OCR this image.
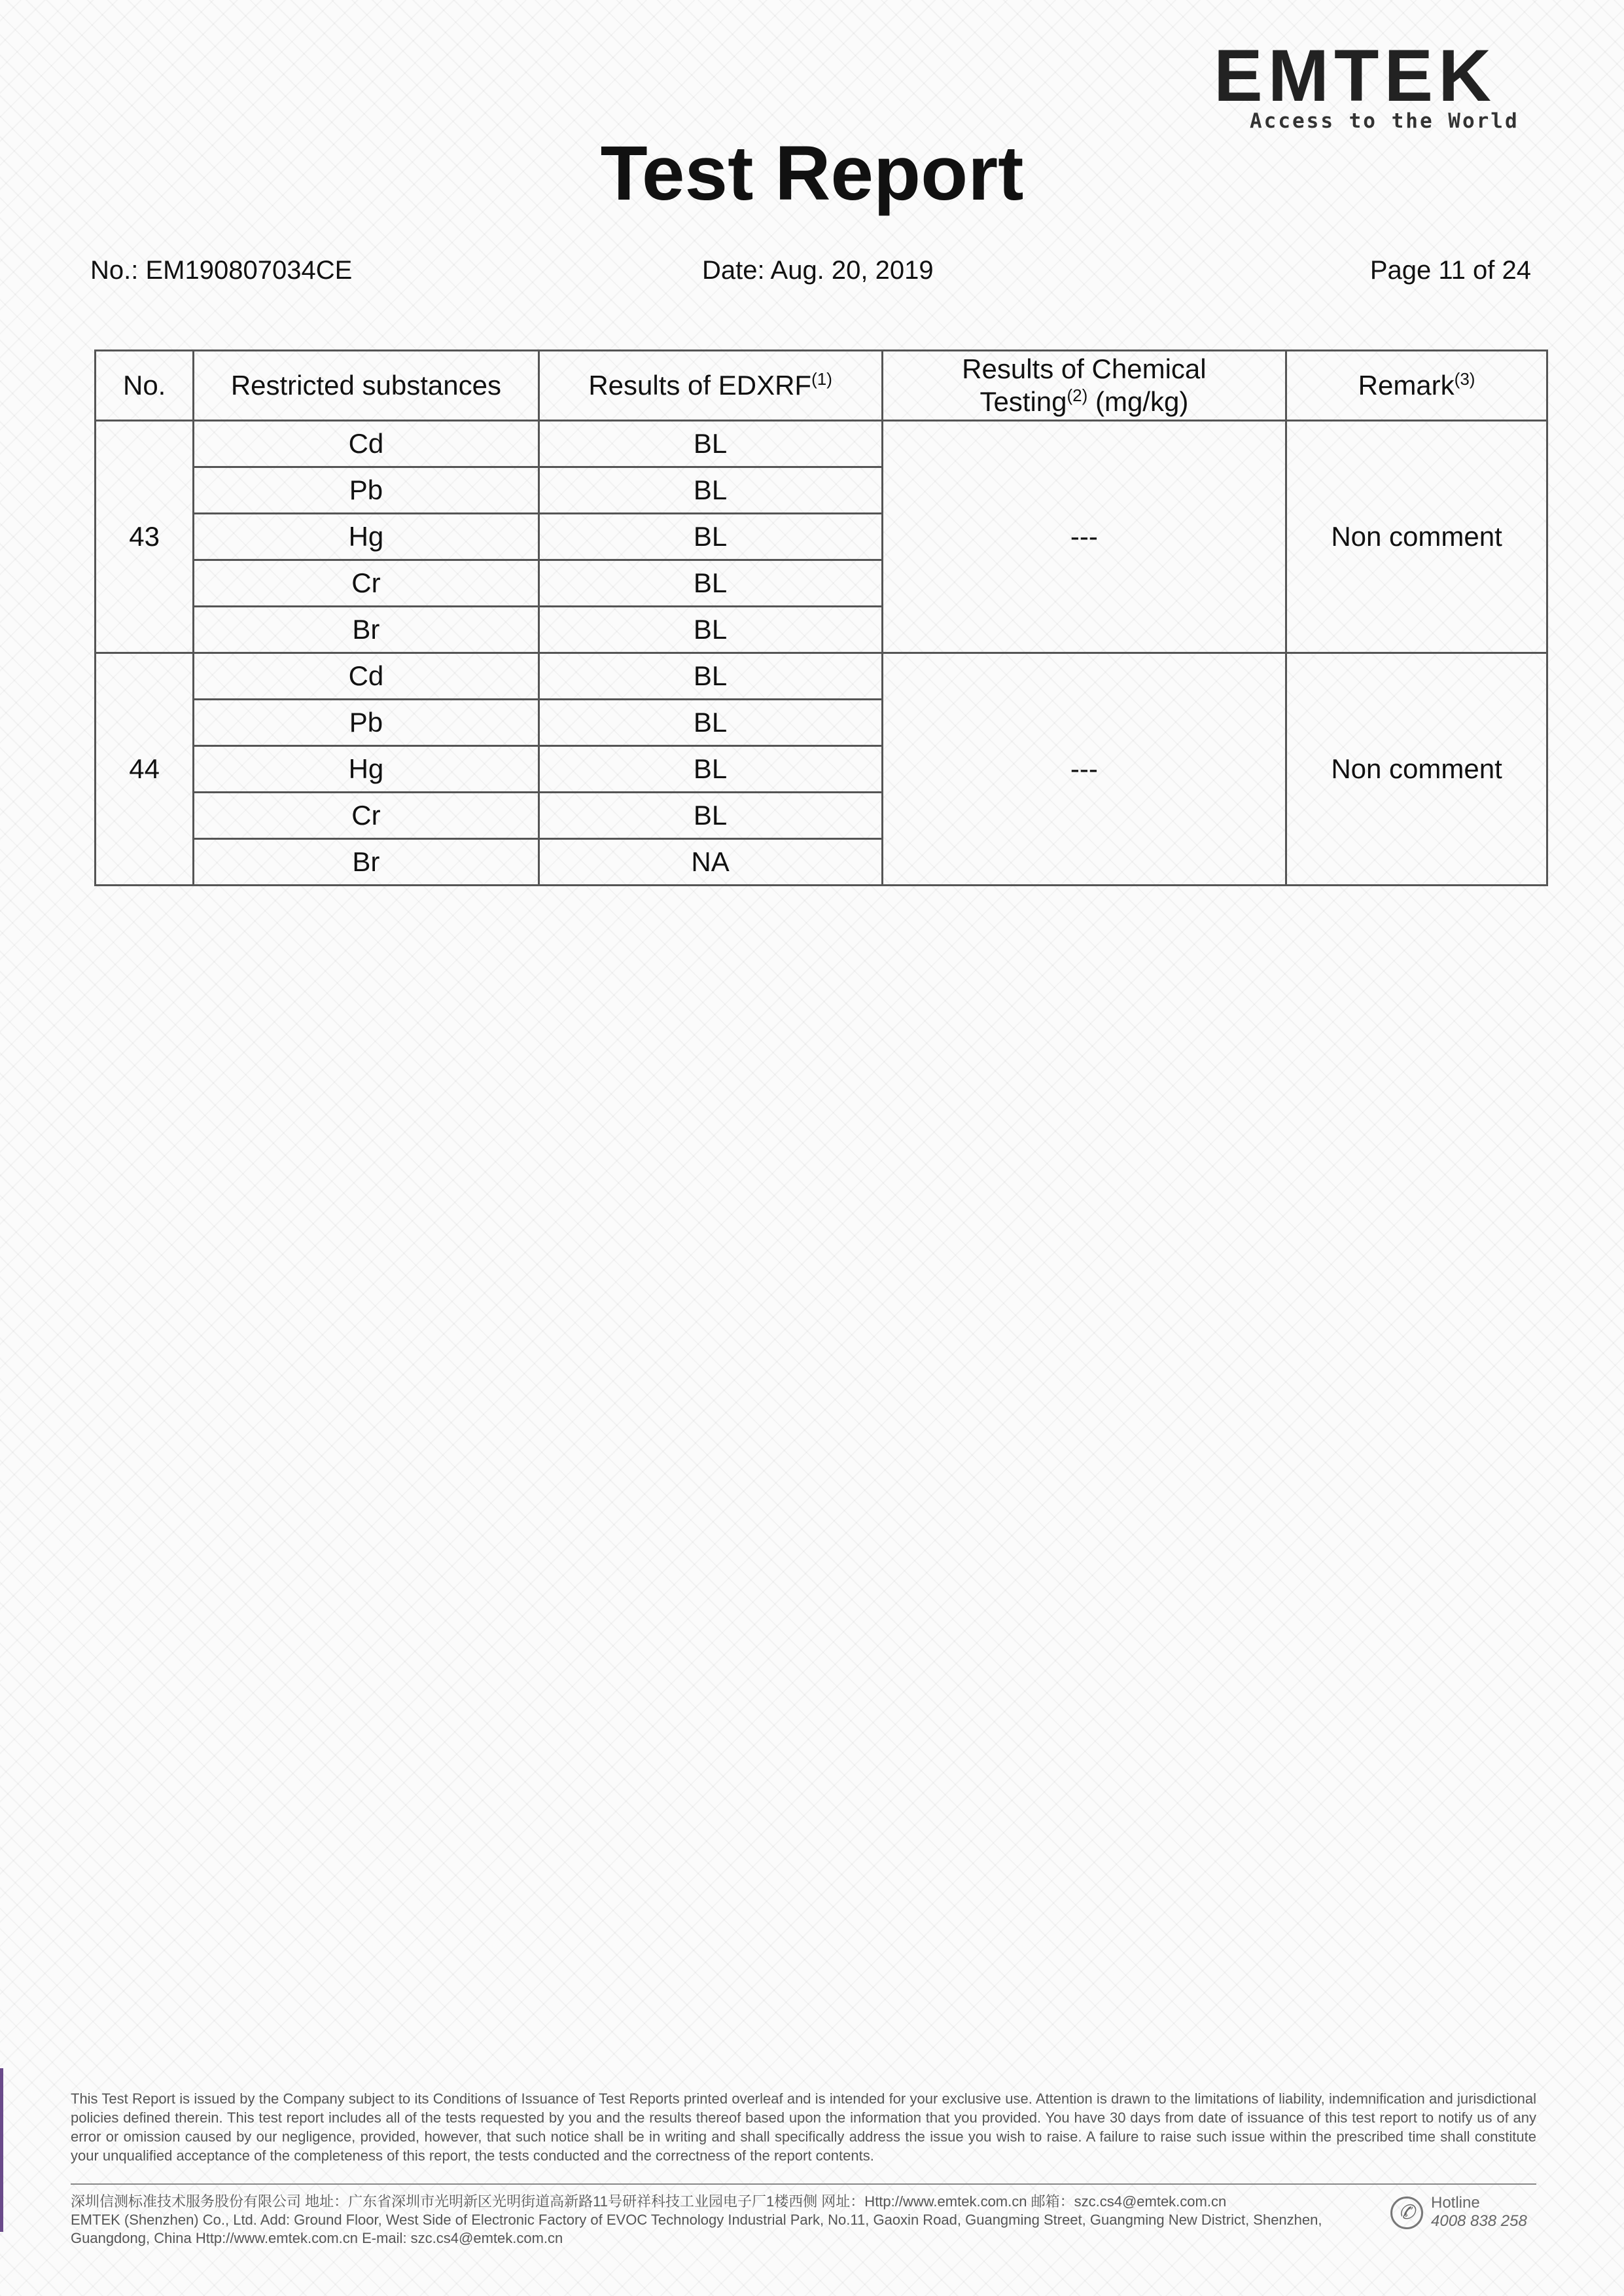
EMTEK
Access to the World
Test Report
No.: EM190807034CE	Date: Aug. 20, 2019	Page 11 of 24
No.	Restricted substances	Results of EDXRF$^{(1)}$	Results of Chemical
Testing$^{(2)}$ (mg/kg)	Remark$^{(3)}$
43	Cd	BL	---	Non comment
	Pb	BL		
	Hg	BL		
	Cr	BL		
	Br	BL		
44	Cd	BL	---	Non comment
	Pb	BL		
	Hg	BL		
	Cr	BL		
	Br	NA		
This Test Report is issued by the Company subject to its Conditions of Issuance of Test Reports printed overleaf and is intended for your exclusive use. Attention is drawn to the limitations of liability, indemnification and jurisdictional policies defined therein. This test report includes all of the tests requested by you and the results thereof based upon the information that you provided. You have 30 days from date of issuance of this test report to notify us of any error or omission caused by our negligence, provided, however, that such notice shall be in writing and shall specifically address the issue you wish to raise. A failure to raise such issue within the prescribed time shall constitute your unqualified acceptance of the completeness of this report, the tests conducted and the correctness of the report contents.
深圳信测标准技术服务股份有限公司 地址：广东省深圳市光明新区光明街道高新路11号研祥科技工业园电子厂1楼西侧 网址：Http://www.emtek.com.cn 邮箱：szc.cs4@emtek.com.cn
EMTEK (Shenzhen) Co., Ltd. Add: Ground Floor, West Side of Electronic Factory of EVOC Technology Industrial Park, No.11, Gaoxin Road, Guangming Street, Guangming New District, Shenzhen,
Guangdong, China Http://www.emtek.com.cn E-mail: szc.cs4@emtek.com.cn
✆	Hotline
4008 838 258
